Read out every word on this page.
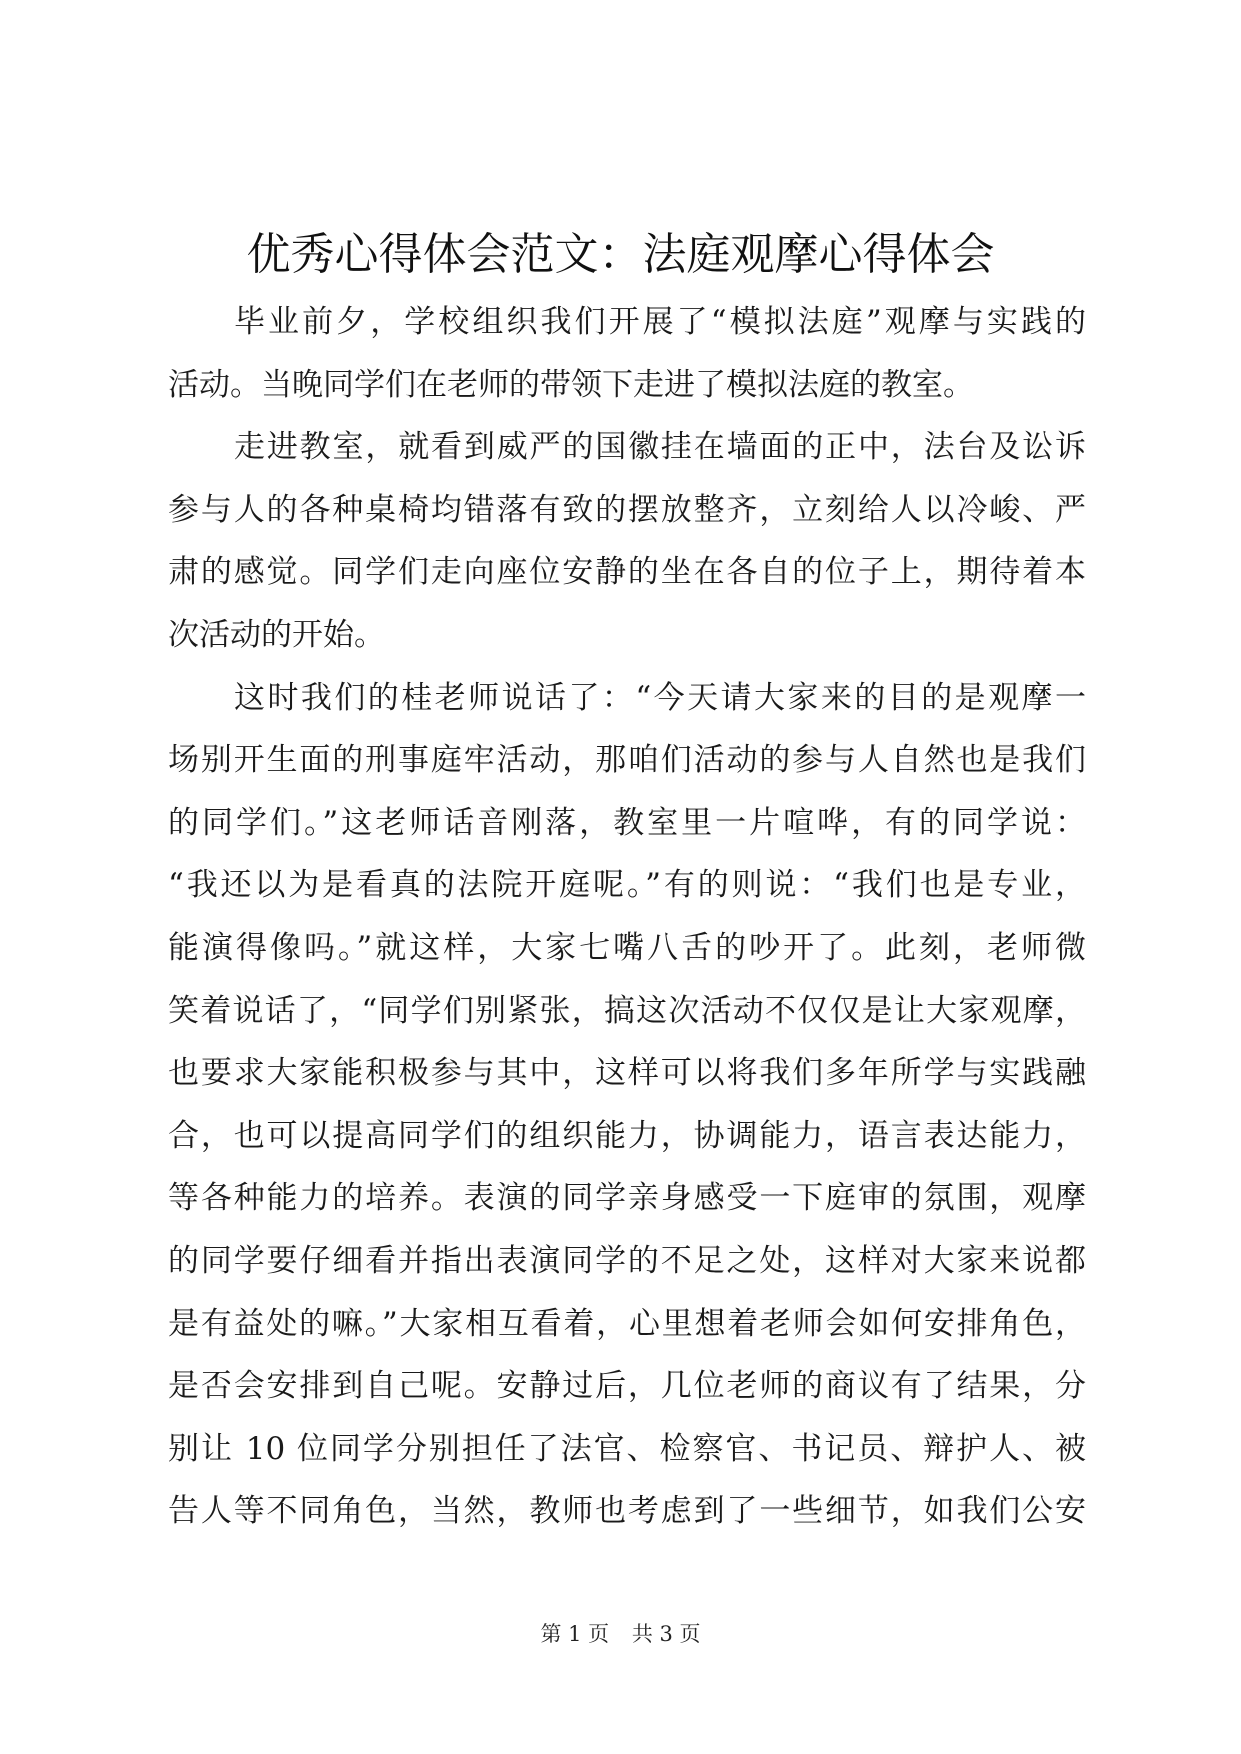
优秀心得体会范文：法庭观摩心得体会
毕业前夕，学校组织我们开展了“模拟法庭”观摩与实践的
活动。当晚同学们在老师的带领下走进了模拟法庭的教室。
走进教室，就看到威严的国徽挂在墙面的正中，法台及讼诉
参与人的各种桌椅均错落有致的摆放整齐，立刻给人以冷峻、严
肃的感觉。同学们走向座位安静的坐在各自的位子上，期待着本
次活动的开始。
这时我们的桂老师说话了：“今天请大家来的目的是观摩一
场别开生面的刑事庭牢活动，那咱们活动的参与人自然也是我们
的同学们。”这老师话音刚落，教室里一片喧哗，有的同学说：
“我还以为是看真的法院开庭呢。”有的则说：“我们也是专业，
能演得像吗。”就这样，大家七嘴八舌的吵开了。此刻，老师微
笑着说话了，“同学们别紧张，搞这次活动不仅仅是让大家观摩，
也要求大家能积极参与其中，这样可以将我们多年所学与实践融
合，也可以提高同学们的组织能力，协调能力，语言表达能力，
等各种能力的培养。表演的同学亲身感受一下庭审的氛围，观摩
的同学要仔细看并指出表演同学的不足之处，这样对大家来说都
是有益处的嘛。”大家相互看着，心里想着老师会如何安排角色，
是否会安排到自己呢。安静过后，几位老师的商议有了结果，分
别让 10 位同学分别担任了法官、检察官、书记员、辩护人、被
告人等不同角色，当然，教师也考虑到了一些细节，如我们公安
第 1 页 共 3 页
